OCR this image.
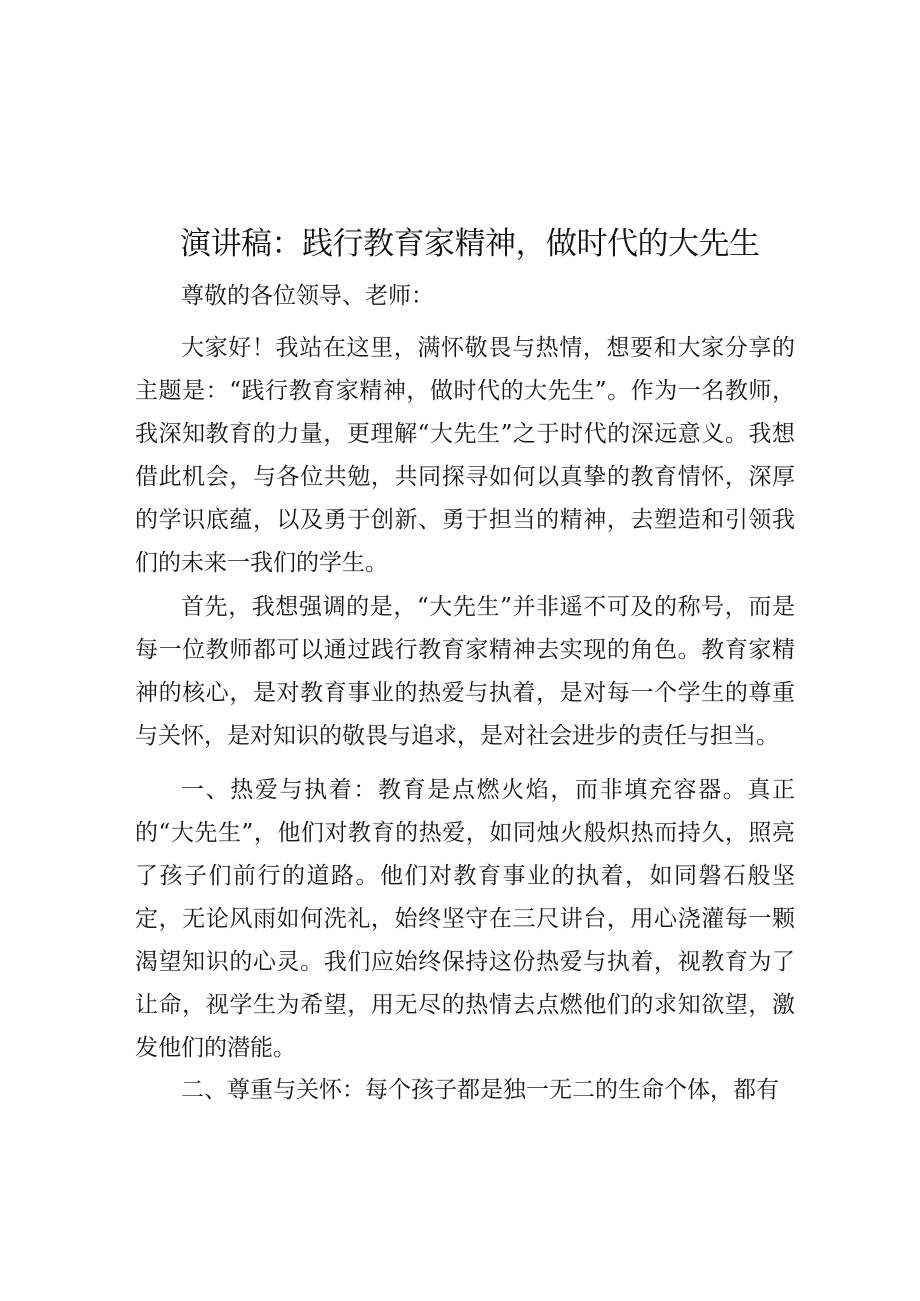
演讲稿：践行教育家精神，做时代的大先生

尊敬的各位领导、老师：

大家好！我站在这里，满怀敬畏与热情，想要和大家分享的主题是：“践行教育家精神，做时代的大先生”。作为一名教师，我深知教育的力量，更理解“大先生”之于时代的深远意义。我想借此机会，与各位共勉，共同探寻如何以真挚的教育情怀，深厚的学识底蕴，以及勇于创新、勇于担当的精神，去塑造和引领我们的未来一我们的学生。

首先，我想强调的是，“大先生”并非遥不可及的称号，而是每一位教师都可以通过践行教育家精神去实现的角色。教育家精神的核心，是对教育事业的热爱与执着，是对每一个学生的尊重与关怀，是对知识的敬畏与追求，是对社会进步的责任与担当。

一、热爱与执着：教育是点燃火焰，而非填充容器。真正的“大先生”，他们对教育的热爱，如同烛火般炽热而持久，照亮了孩子们前行的道路。他们对教育事业的执着，如同磐石般坚定，无论风雨如何洗礼，始终坚守在三尺讲台，用心浇灌每一颗渴望知识的心灵。我们应始终保持这份热爱与执着，视教育为了让命，视学生为希望，用无尽的热情去点燃他们的求知欲望，激发他们的潜能。

二、尊重与关怀：每个孩子都是独一无二的生命个体，都有
